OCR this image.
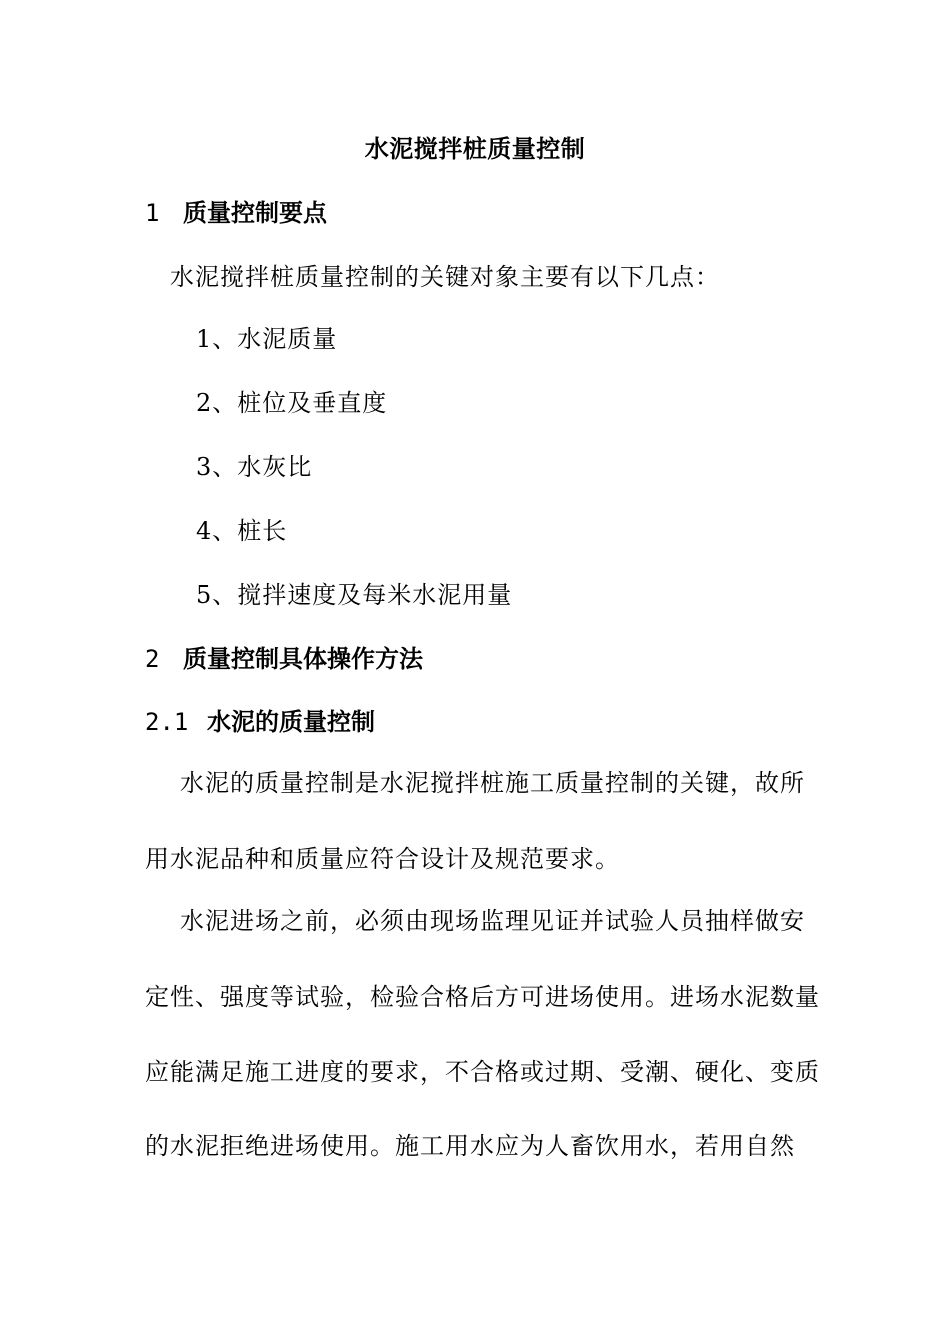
水泥搅拌桩质量控制
1 质量控制要点
水泥搅拌桩质量控制的关键对象主要有以下几点：
1、水泥质量
2、桩位及垂直度
3、水灰比
4、桩长
5、搅拌速度及每米水泥用量
2 质量控制具体操作方法
2.1 水泥的质量控制
水泥的质量控制是水泥搅拌桩施工质量控制的关键，故所
用水泥品种和质量应符合设计及规范要求。
水泥进场之前，必须由现场监理见证并试验人员抽样做安
定性、强度等试验，检验合格后方可进场使用。进场水泥数量
应能满足施工进度的要求，不合格或过期、受潮、硬化、变质
的水泥拒绝进场使用。施工用水应为人畜饮用水，若用自然
